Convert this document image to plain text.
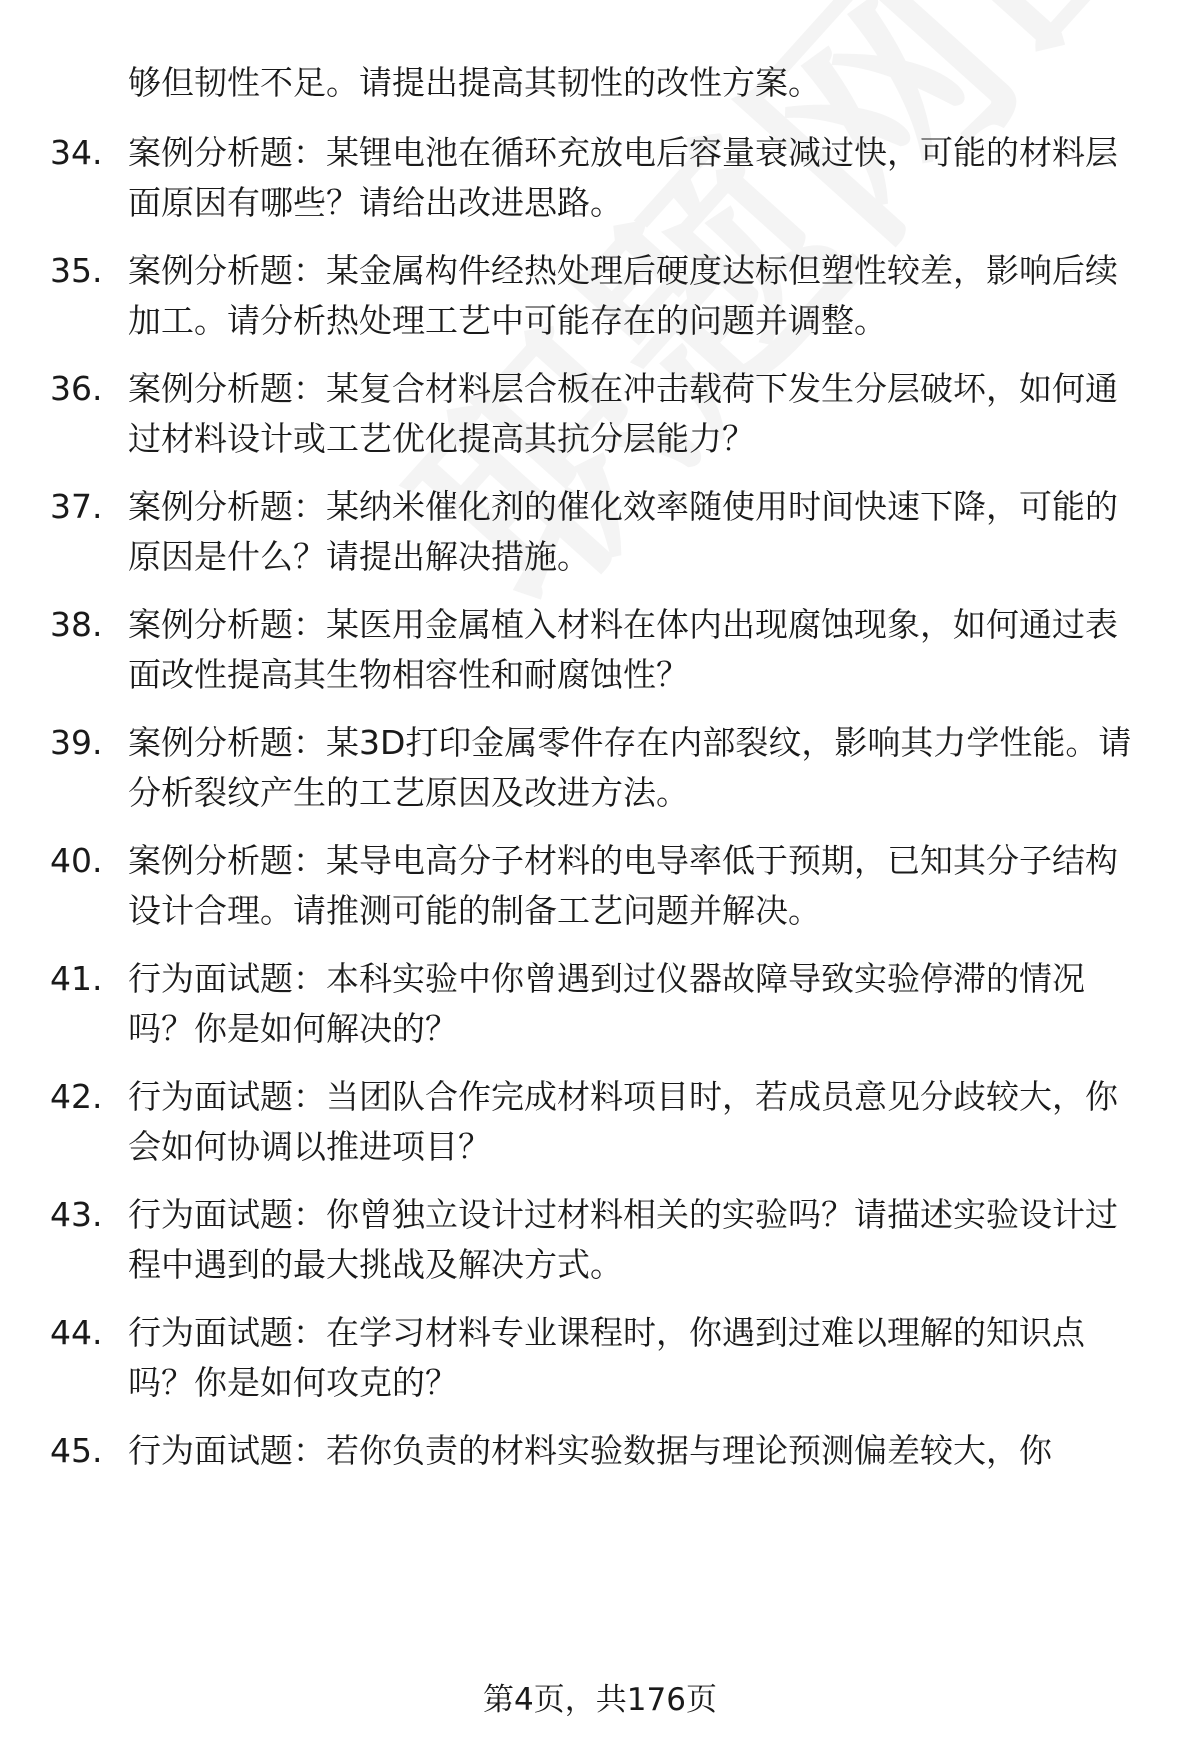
够但韧性不足。请提出提高其韧性的改性方案。
34. 案例分析题：某锂电池在循环充放电后容量衰减过快，可能的材料层面原因有哪些？请给出改进思路。
35. 案例分析题：某金属构件经热处理后硬度达标但塑性较差，影响后续加工。请分析热处理工艺中可能存在的问题并调整。
36. 案例分析题：某复合材料层合板在冲击载荷下发生分层破坏，如何通过材料设计或工艺优化提高其抗分层能力？
37. 案例分析题：某纳米催化剂的催化效率随使用时间快速下降，可能的原因是什么？请提出解决措施。
38. 案例分析题：某医用金属植入材料在体内出现腐蚀现象，如何通过表面改性提高其生物相容性和耐腐蚀性？
39. 案例分析题：某3D打印金属零件存在内部裂纹，影响其力学性能。请分析裂纹产生的工艺原因及改进方法。
40. 案例分析题：某导电高分子材料的电导率低于预期，已知其分子结构设计合理。请推测可能的制备工艺问题并解决。
41. 行为面试题：本科实验中你曾遇到过仪器故障导致实验停滞的情况吗？你是如何解决的？
42. 行为面试题：当团队合作完成材料项目时，若成员意见分歧较大，你会如何协调以推进项目？
43. 行为面试题：你曾独立设计过材料相关的实验吗？请描述实验设计过程中遇到的最大挑战及解决方式。
44. 行为面试题：在学习材料专业课程时，你遇到过难以理解的知识点吗？你是如何攻克的？
45. 行为面试题：若你负责的材料实验数据与理论预测偏差较大，你
第4页，共176页
